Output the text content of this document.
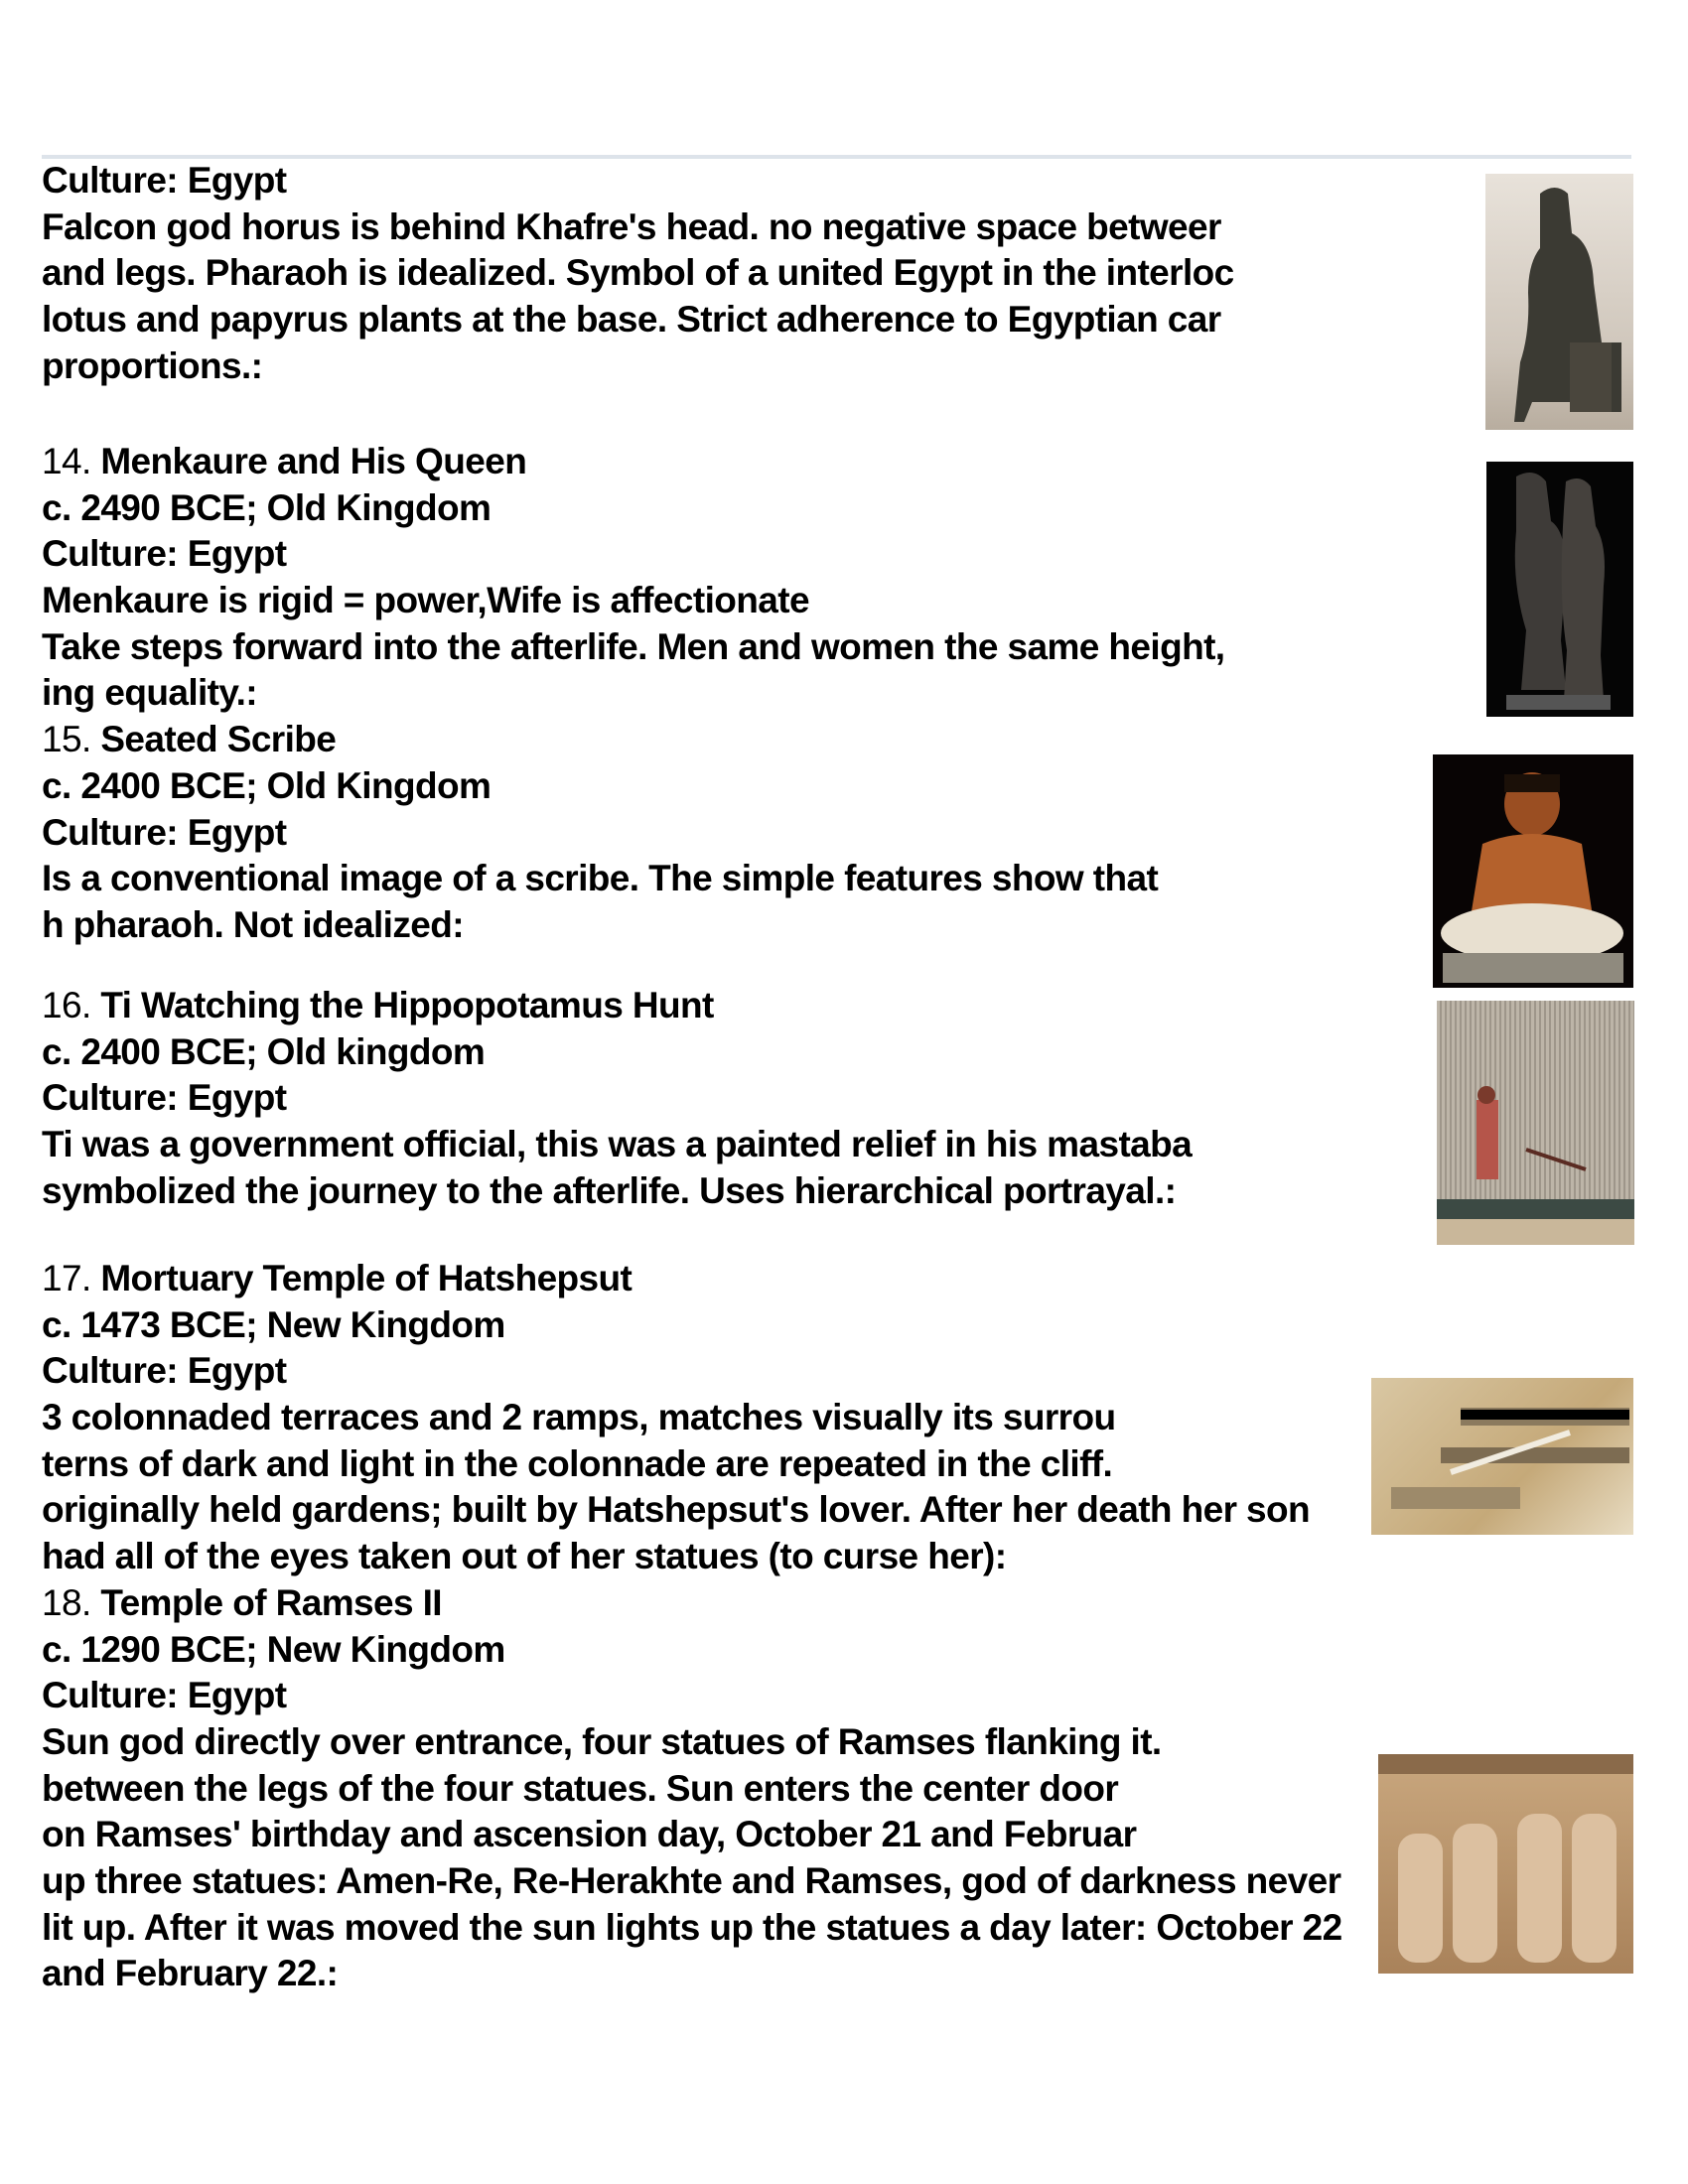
Culture: Egypt
Falcon god horus is behind Khafre's head. no negative space betweer
and legs. Pharaoh is idealized. Symbol of a united Egypt in the interloc
lotus and papyrus plants at the base. Strict adherence to Egyptian car
proportions.:
14. Menkaure and His Queen
c. 2490 BCE; Old Kingdom
Culture: Egypt
Menkaure is rigid = power,Wife is affectionate
Take steps forward into the afterlife. Men and women the same height,
ing equality.:
15. Seated Scribe
c. 2400 BCE; Old Kingdom
Culture: Egypt
Is a conventional image of a scribe. The simple features show that
h pharaoh. Not idealized:
16. Ti Watching the Hippopotamus Hunt
c. 2400 BCE; Old kingdom
Culture: Egypt
Ti was a government official, this was a painted relief in his mastaba
symbolized the journey to the afterlife. Uses hierarchical portrayal.:
17. Mortuary Temple of Hatshepsut
c. 1473 BCE; New Kingdom
Culture: Egypt
3 colonnaded terraces and 2 ramps, matches visually its surrou
terns of dark and light in the colonnade are repeated in the cliff.
originally held gardens; built by Hatshepsut's lover. After her death her son
had all of the eyes taken out of her statues (to curse her):
18. Temple of Ramses II
c. 1290 BCE; New Kingdom
Culture: Egypt
Sun god directly over entrance, four statues of Ramses flanking it.
between the legs of the four statues. Sun enters the center door
on Ramses' birthday and ascension day, October 21 and Februar
up three statues: Amen-Re, Re-Herakhte and Ramses, god of darkness never
lit up. After it was moved the sun lights up the statues a day later: October 22
and February 22.:
